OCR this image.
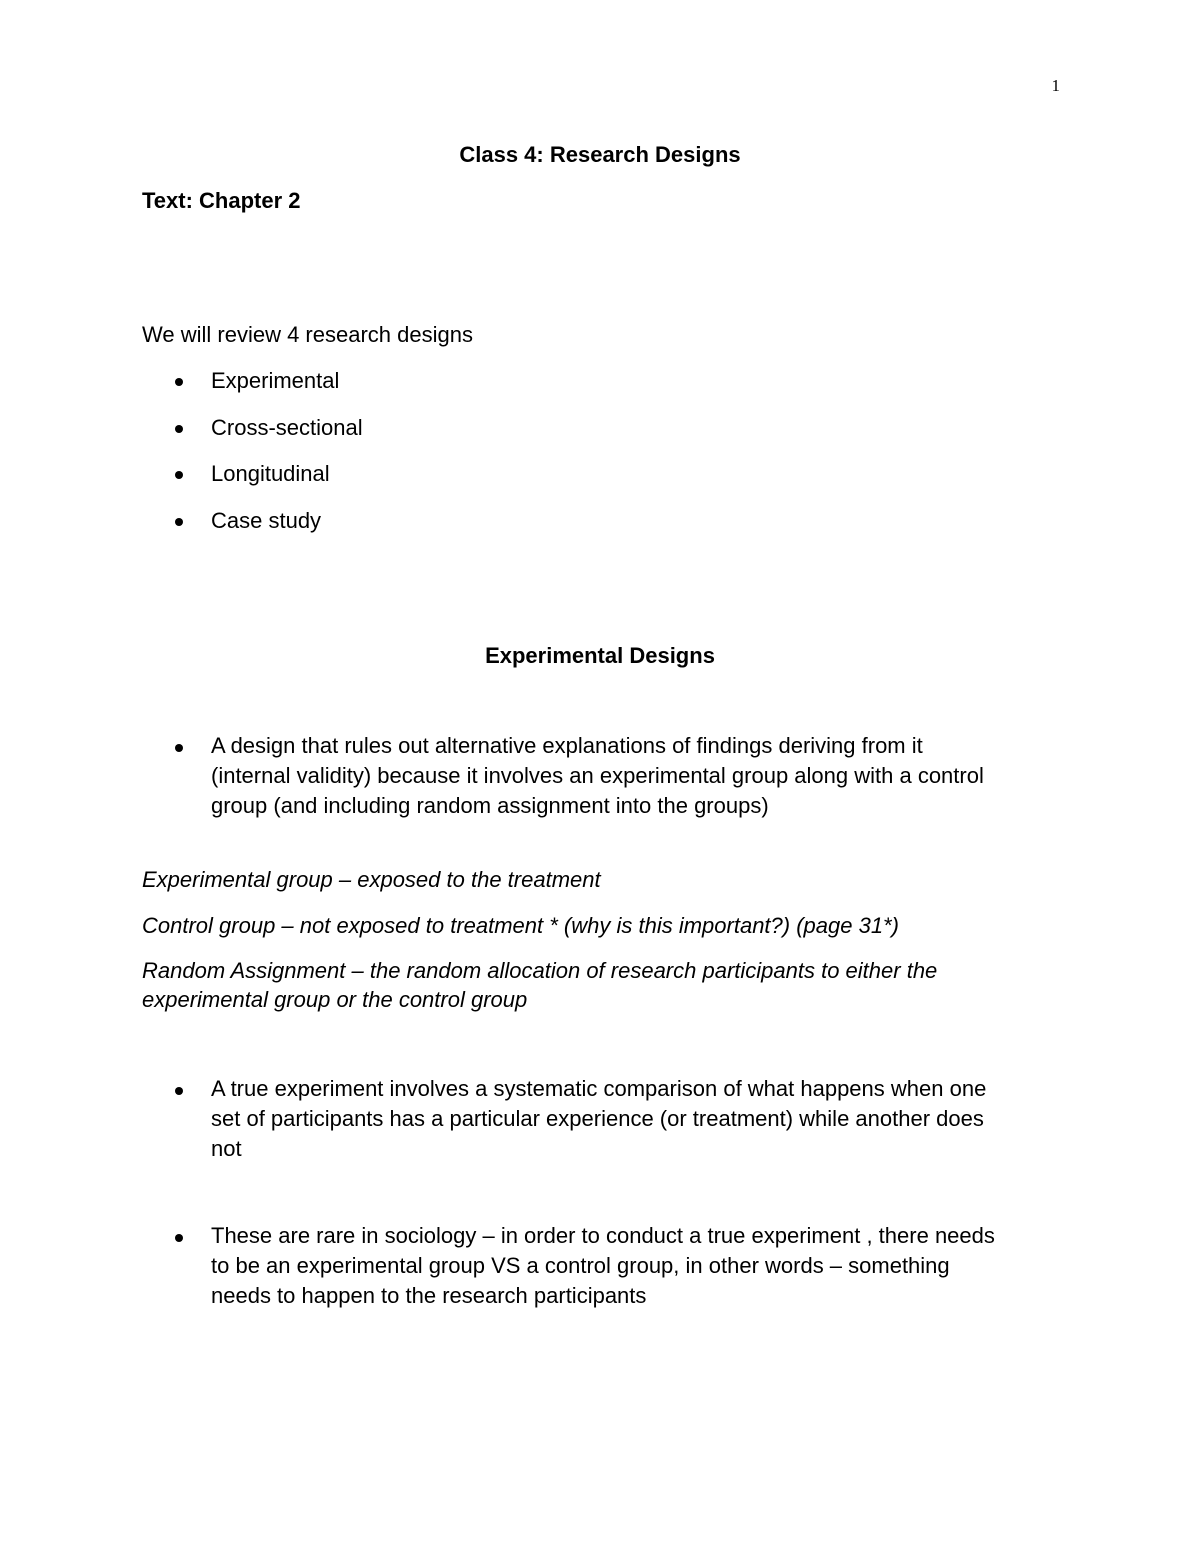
1
Class 4: Research Designs
Text: Chapter 2
We will review 4 research designs
Experimental
Cross-sectional
Longitudinal
Case study
Experimental Designs
A design that rules out alternative explanations of findings deriving from it
(internal validity) because it involves an experimental group along with a control
group (and including random assignment into the groups)
Experimental group – exposed to the treatment
Control group – not exposed to treatment * (why is this important?) (page 31*)
Random Assignment – the random allocation of research participants to either the
experimental group or the control group
A true experiment involves a systematic comparison of what happens when one
set of participants has a particular experience (or treatment) while another does
not
These are rare in sociology – in order to conduct a true experiment , there needs
to be an experimental group VS a control group, in other words – something
needs to happen to the research participants
